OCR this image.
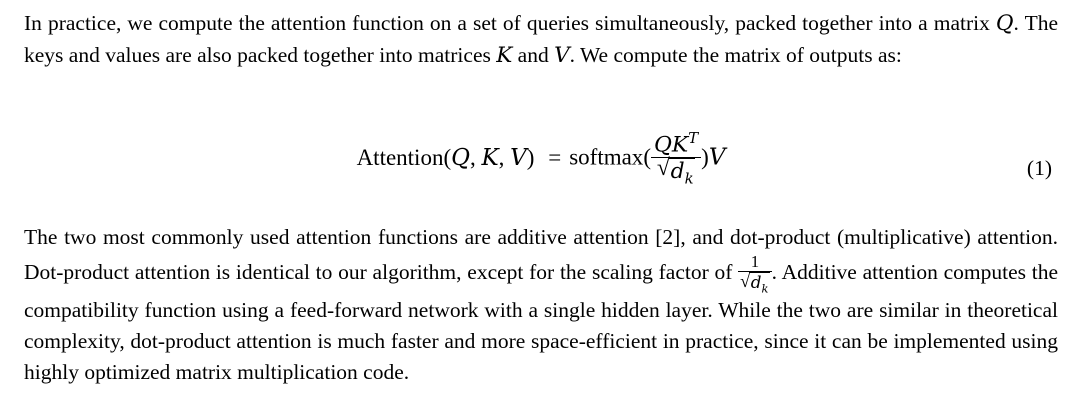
In practice, we compute the attention function on a set of queries simultaneously, packed together into a matrix Q. The keys and values are also packed together into matrices K and V. We compute the matrix of outputs as:

Attention(Q, K, V) = softmax( $\frac{QK^T}{√ d_k} )V$	(1)

The two most commonly used attention functions are additive attention [2], and dot-product (multiplicative) attention. Dot-product attention is identical to our algorithm, except for the scaling factor of $\frac{1}{√ d_k}$ . Additive attention computes the compatibility function using a feed-forward network with a single hidden layer. While the two are similar in theoretical complexity, dot-product attention is much faster and more space-efficient in practice, since it can be implemented using highly optimized matrix multiplication code.
